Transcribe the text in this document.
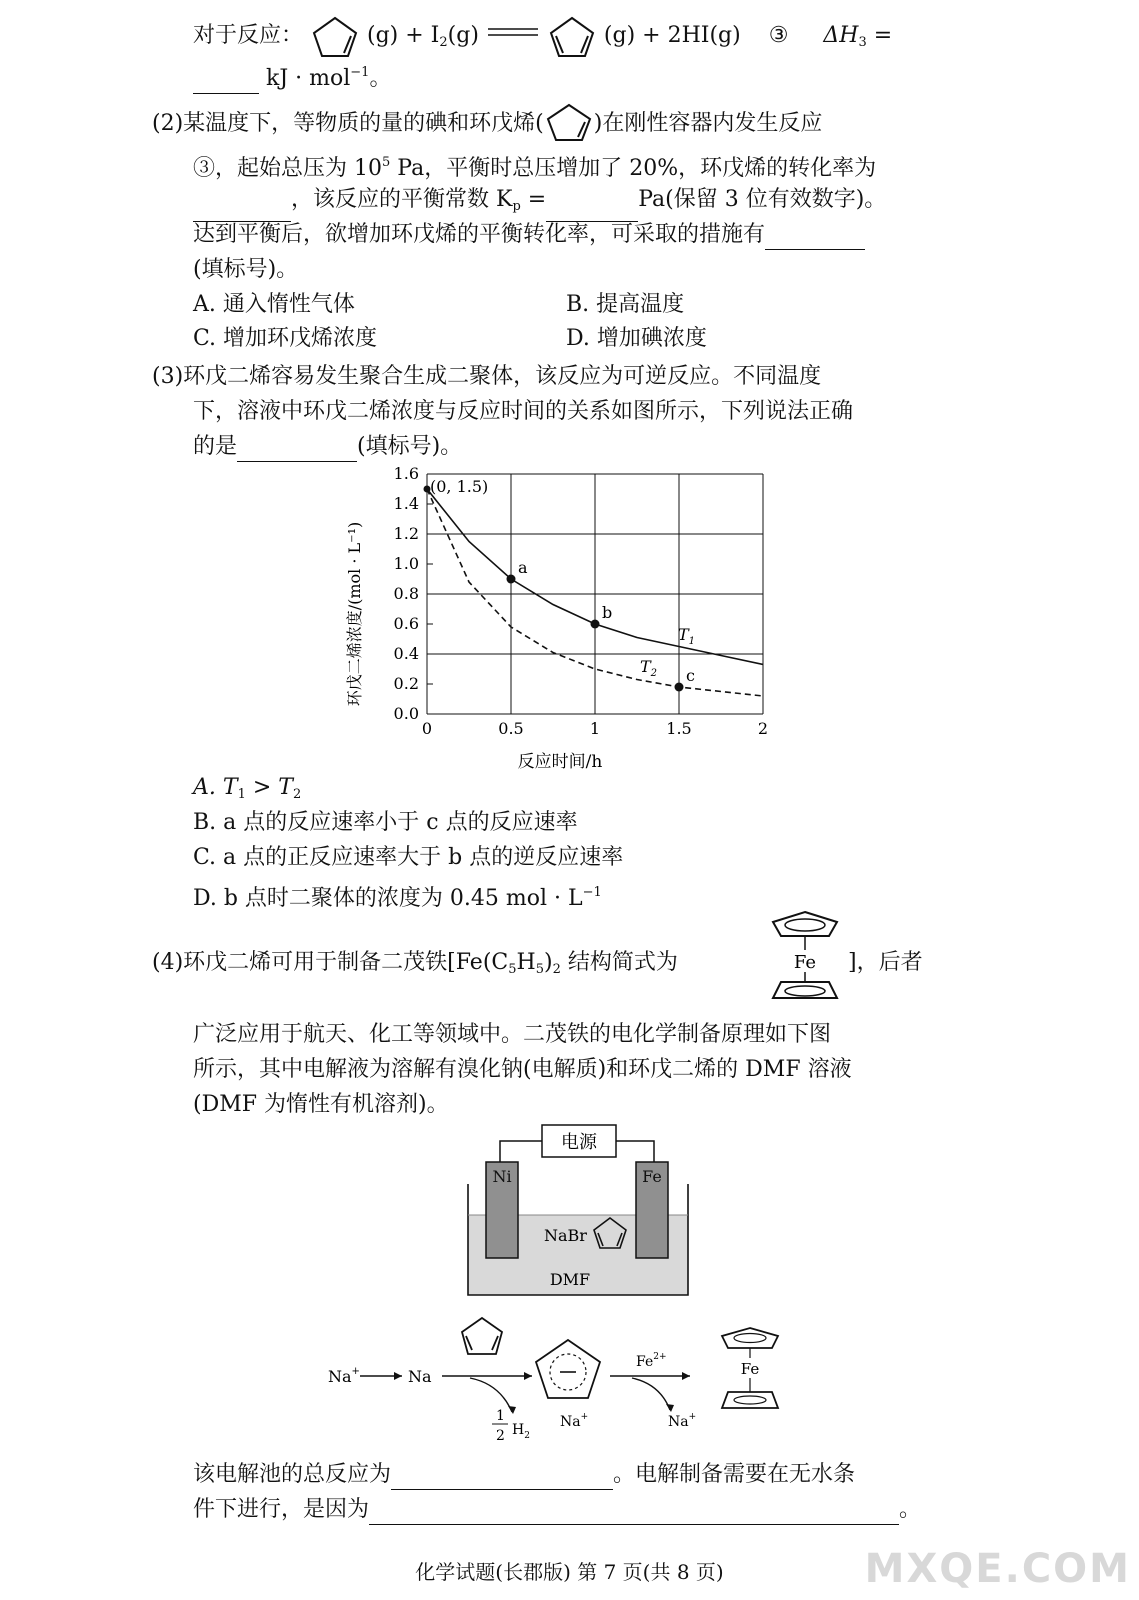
对于反应：	$(g) + I_2(g)$	(g) + 2HI(g) ③ $\Delta H_3$ =
kJ · mol$^{-1}$。
(2)某温度下，等物质的量的碘和环戊烯( )在刚性容器内发生反应
③，起始总压为 $10^5$ Pa，平衡时总压增加了 20%，环戊烯的转化率为
，该反应的平衡常数 $K_p$ =	Pa(保留 3 位有效数字)。
达到平衡后，欲增加环戊烯的平衡转化率，可采取的措施有
(填标号)。
A. 通入惰性气体	B. 提高温度
C. 增加环戊烯浓度	D. 增加碘浓度
(3)环戊二烯容易发生聚合生成二聚体，该反应为可逆反应。不同温度
下，溶液中环戊二烯浓度与反应时间的关系如图所示，下列说法正确
的是	(填标号)。
a
b
c
0	0.5	1	1.5	2
0.0
0.2
0.4
0.6
0.8
1.0
1.2
1.4
1.6
反应时间/h
环戊二烯浓度/(mol · L⁻¹)
(0, 1.5)
$T_1$
$T_2$
A. $T_1 > T_2$
B. a 点的反应速率小于 c 点的反应速率
C. a 点的正反应速率大于 b 点的逆反应速率
D. b 点时二聚体的浓度为 0.45 mol · $L^{-1}$
(4)环戊二烯可用于制备二茂铁[$Fe(C_5H_5)_2$ 结构简式为	Fe ]，后者
广泛应用于航天、化工等领域中。二茂铁的电化学制备原理如下图
所示，其中电解液为溶解有溴化钠(电解质)和环戊二烯的 DMF 溶液
(DMF 为惰性有机溶剂)。
电源
Ni	Fe
NaBr
DMF
Na+	Na
1
2 $H_2$
Na+
$Fe^{2+}$
Na+
Fe
该电解池的总反应为	。电解制备需要在无水条
件下进行，是因为	。
化学试题(长郡版) 第 7 页(共 8 页)	MXQE.COM
